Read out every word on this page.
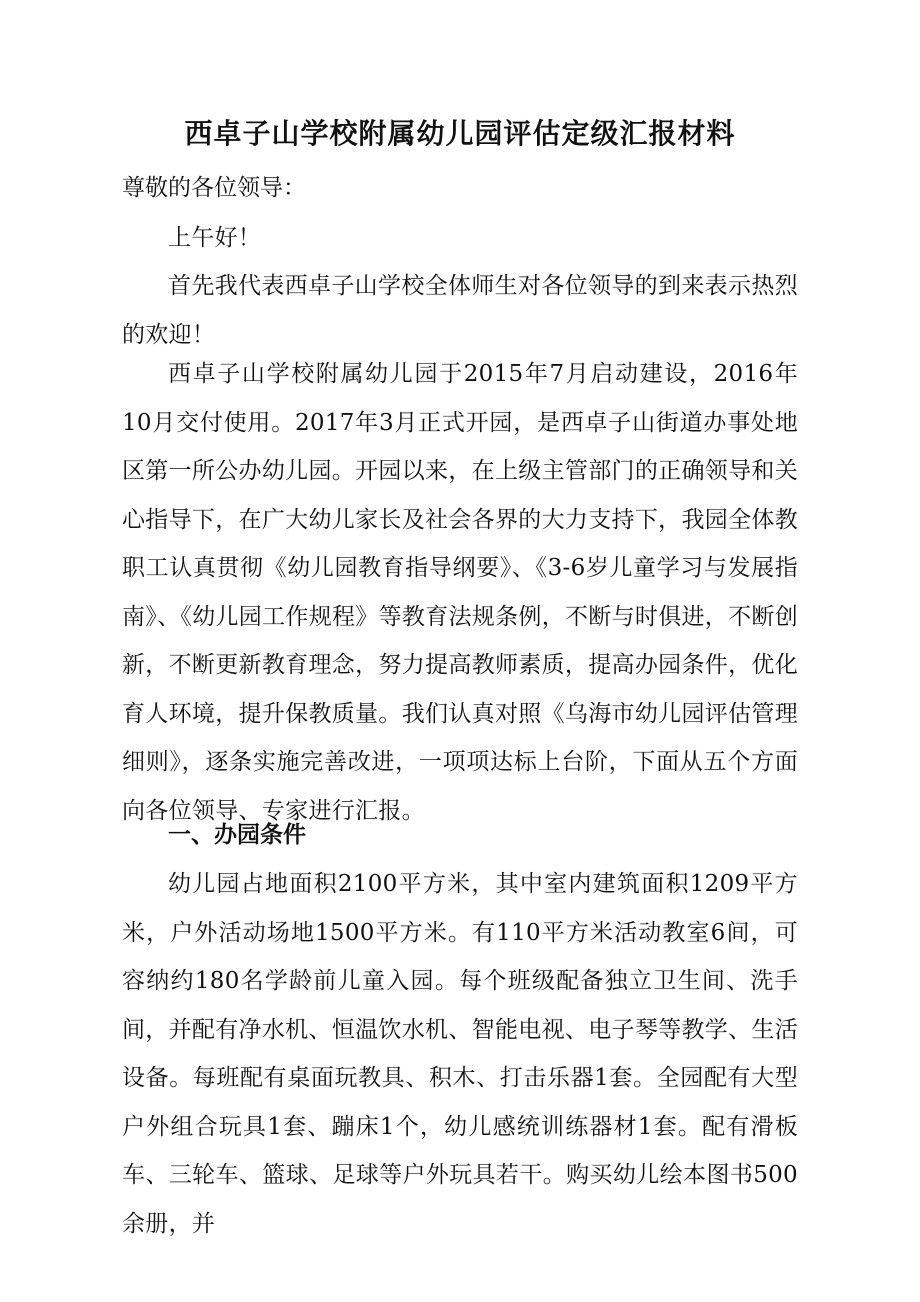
西卓子山学校附属幼儿园评估定级汇报材料
尊敬的各位领导：

上午好！

首先我代表西卓子山学校全体师生对各位领导的到来表示热烈的欢迎！

西卓子山学校附属幼儿园于2015年7月启动建设，2016年10月交付使用。2017年3月正式开园，是西卓子山街道办事处地区第一所公办幼儿园。开园以来，在上级主管部门的正确领导和关心指导下，在广大幼儿家长及社会各界的大力支持下，我园全体教职工认真贯彻《幼儿园教育指导纲要》、《3-6岁儿童学习与发展指南》、《幼儿园工作规程》等教育法规条例，不断与时俱进，不断创新，不断更新教育理念，努力提高教师素质，提高办园条件，优化育人环境，提升保教质量。我们认真对照《乌海市幼儿园评估管理细则》，逐条实施完善改进，一项项达标上台阶，下面从五个方面向各位领导、专家进行汇报。

一、办园条件

幼儿园占地面积2100平方米，其中室内建筑面积1209平方米，户外活动场地1500平方米。有110平方米活动教室6间，可容纳约180名学龄前儿童入园。每个班级配备独立卫生间、洗手间，并配有净水机、恒温饮水机、智能电视、电子琴等教学、生活设备。每班配有桌面玩教具、积木、打击乐器1套。全园配有大型户外组合玩具1套、蹦床1个，幼儿感统训练器材1套。配有滑板车、三轮车、篮球、足球等户外玩具若干。购买幼儿绘本图书500余册，并
